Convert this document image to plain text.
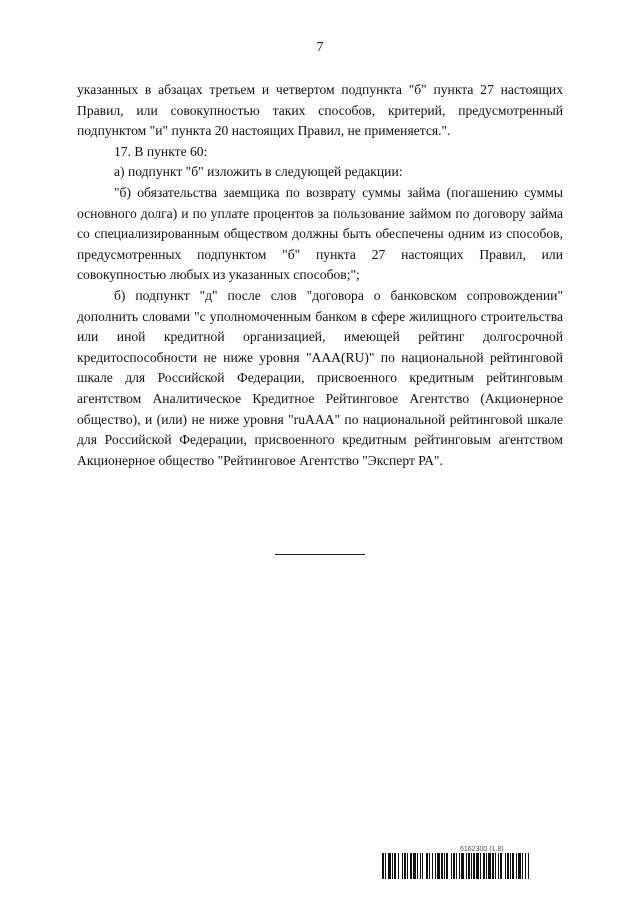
7

указанных в абзацах третьем и четвертом подпункта "б" пункта 27 настоящих Правил, или совокупностью таких способов, критерий, предусмотренный подпунктом "и" пункта 20 настоящих Правил, не применяется.".

17. В пункте 60:

а) подпункт "б" изложить в следующей редакции:

"б) обязательства заемщика по возврату суммы займа (погашению суммы основного долга) и по уплате процентов за пользование займом по договору займа со специализированным обществом должны быть обеспечены одним из способов, предусмотренных подпунктом "б" пункта 27 настоящих Правил, или совокупностью любых из указанных способов;";

б) подпункт "д" после слов "договора о банковском сопровождении" дополнить словами "с уполномоченным банком в сфере жилищного строительства или иной кредитной организацией, имеющей рейтинг долгосрочной кредитоспособности не ниже уровня "ААА(RU)" по национальной рейтинговой шкале для Российской Федерации, присвоенного кредитным рейтинговым агентством Аналитическое Кредитное Рейтинговое Агентство (Акционерное общество), и (или) не ниже уровня "ruAAA" по национальной рейтинговой шкале для Российской Федерации, присвоенного кредитным рейтинговым агентством Акционерное общество "Рейтинговое Агентство "Эксперт РА".

6162300 (1.8)
